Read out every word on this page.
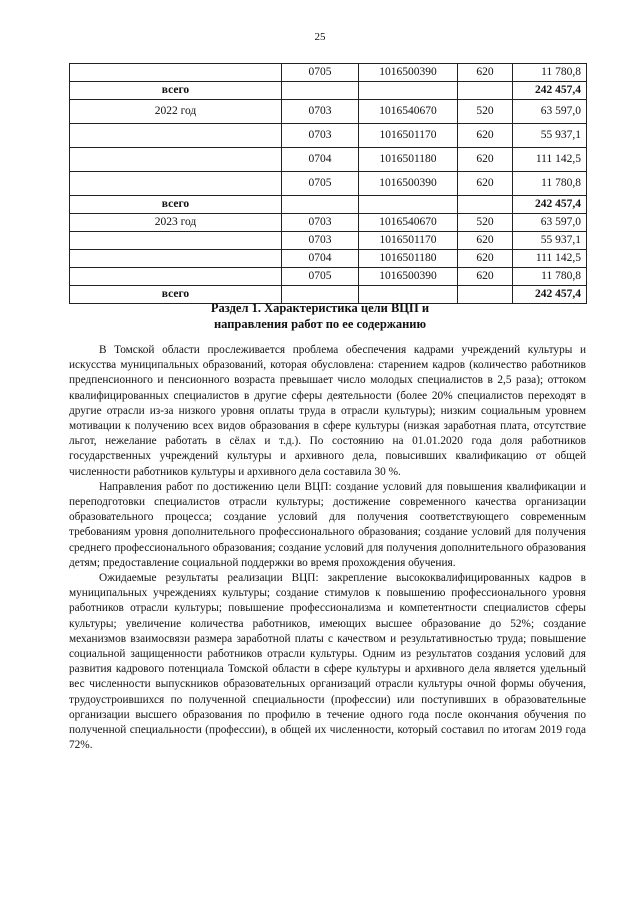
25
	0705	1016500390	620	11 780,8
всего				242 457,4
2022 год	0703	1016540670	520	63 597,0
	0703	1016501170	620	55 937,1
	0704	1016501180	620	111 142,5
	0705	1016500390	620	11 780,8
всего				242 457,4
2023 год	0703	1016540670	520	63 597,0
	0703	1016501170	620	55 937,1
	0704	1016501180	620	111 142,5
	0705	1016500390	620	11 780,8
всего				242 457,4
Раздел 1. Характеристика цели ВЦП и
направления работ по ее содержанию

В Томской области прослеживается проблема обеспечения кадрами учреждений культуры и искусства муниципальных образований, которая обусловлена: старением кадров (количество работников предпенсионного и пенсионного возраста превышает число молодых специалистов в 2,5 раза); оттоком квалифицированных специалистов в другие сферы деятельности (более 20% специалистов переходят в другие отрасли из-за низкого уровня оплаты труда в отрасли культуры); низким социальным уровнем мотивации к получению всех видов образования в сфере культуры (низкая заработная плата, отсутствие льгот, нежелание работать в сёлах и т.д.). По состоянию на 01.01.2020 года доля работников государственных учреждений культуры и архивного дела, повысивших квалификацию от общей численности работников культуры и архивного дела составила 30 %.

Направления работ по достижению цели ВЦП: создание условий для повышения квалификации и переподготовки специалистов отрасли культуры; достижение современного качества организации образовательного процесса; создание условий для получения соответствующего современным требованиям уровня дополнительного профессионального образования; создание условий для получения среднего профессионального образования; создание условий для получения дополнительного образования детям; предоставление социальной поддержки во время прохождения обучения.

Ожидаемые результаты реализации ВЦП: закрепление высококвалифицированных кадров в муниципальных учреждениях культуры; создание стимулов к повышению профессионального уровня работников отрасли культуры; повышение профессионализма и компетентности специалистов сферы культуры; увеличение количества работников, имеющих высшее образование до 52%; создание механизмов взаимосвязи размера заработной платы с качеством и результативностью труда; повышение социальной защищенности работников отрасли культуры. Одним из результатов создания условий для развития кадрового потенциала Томской области в сфере культуры и архивного дела является удельный вес численности выпускников образовательных организаций отрасли культуры очной формы обучения, трудоустроившихся по полученной специальности (профессии) или поступивших в образовательные организации высшего образования по профилю в течение одного года после окончания обучения по полученной специальности (профессии), в общей их численности, который составил по итогам 2019 года 72%.
